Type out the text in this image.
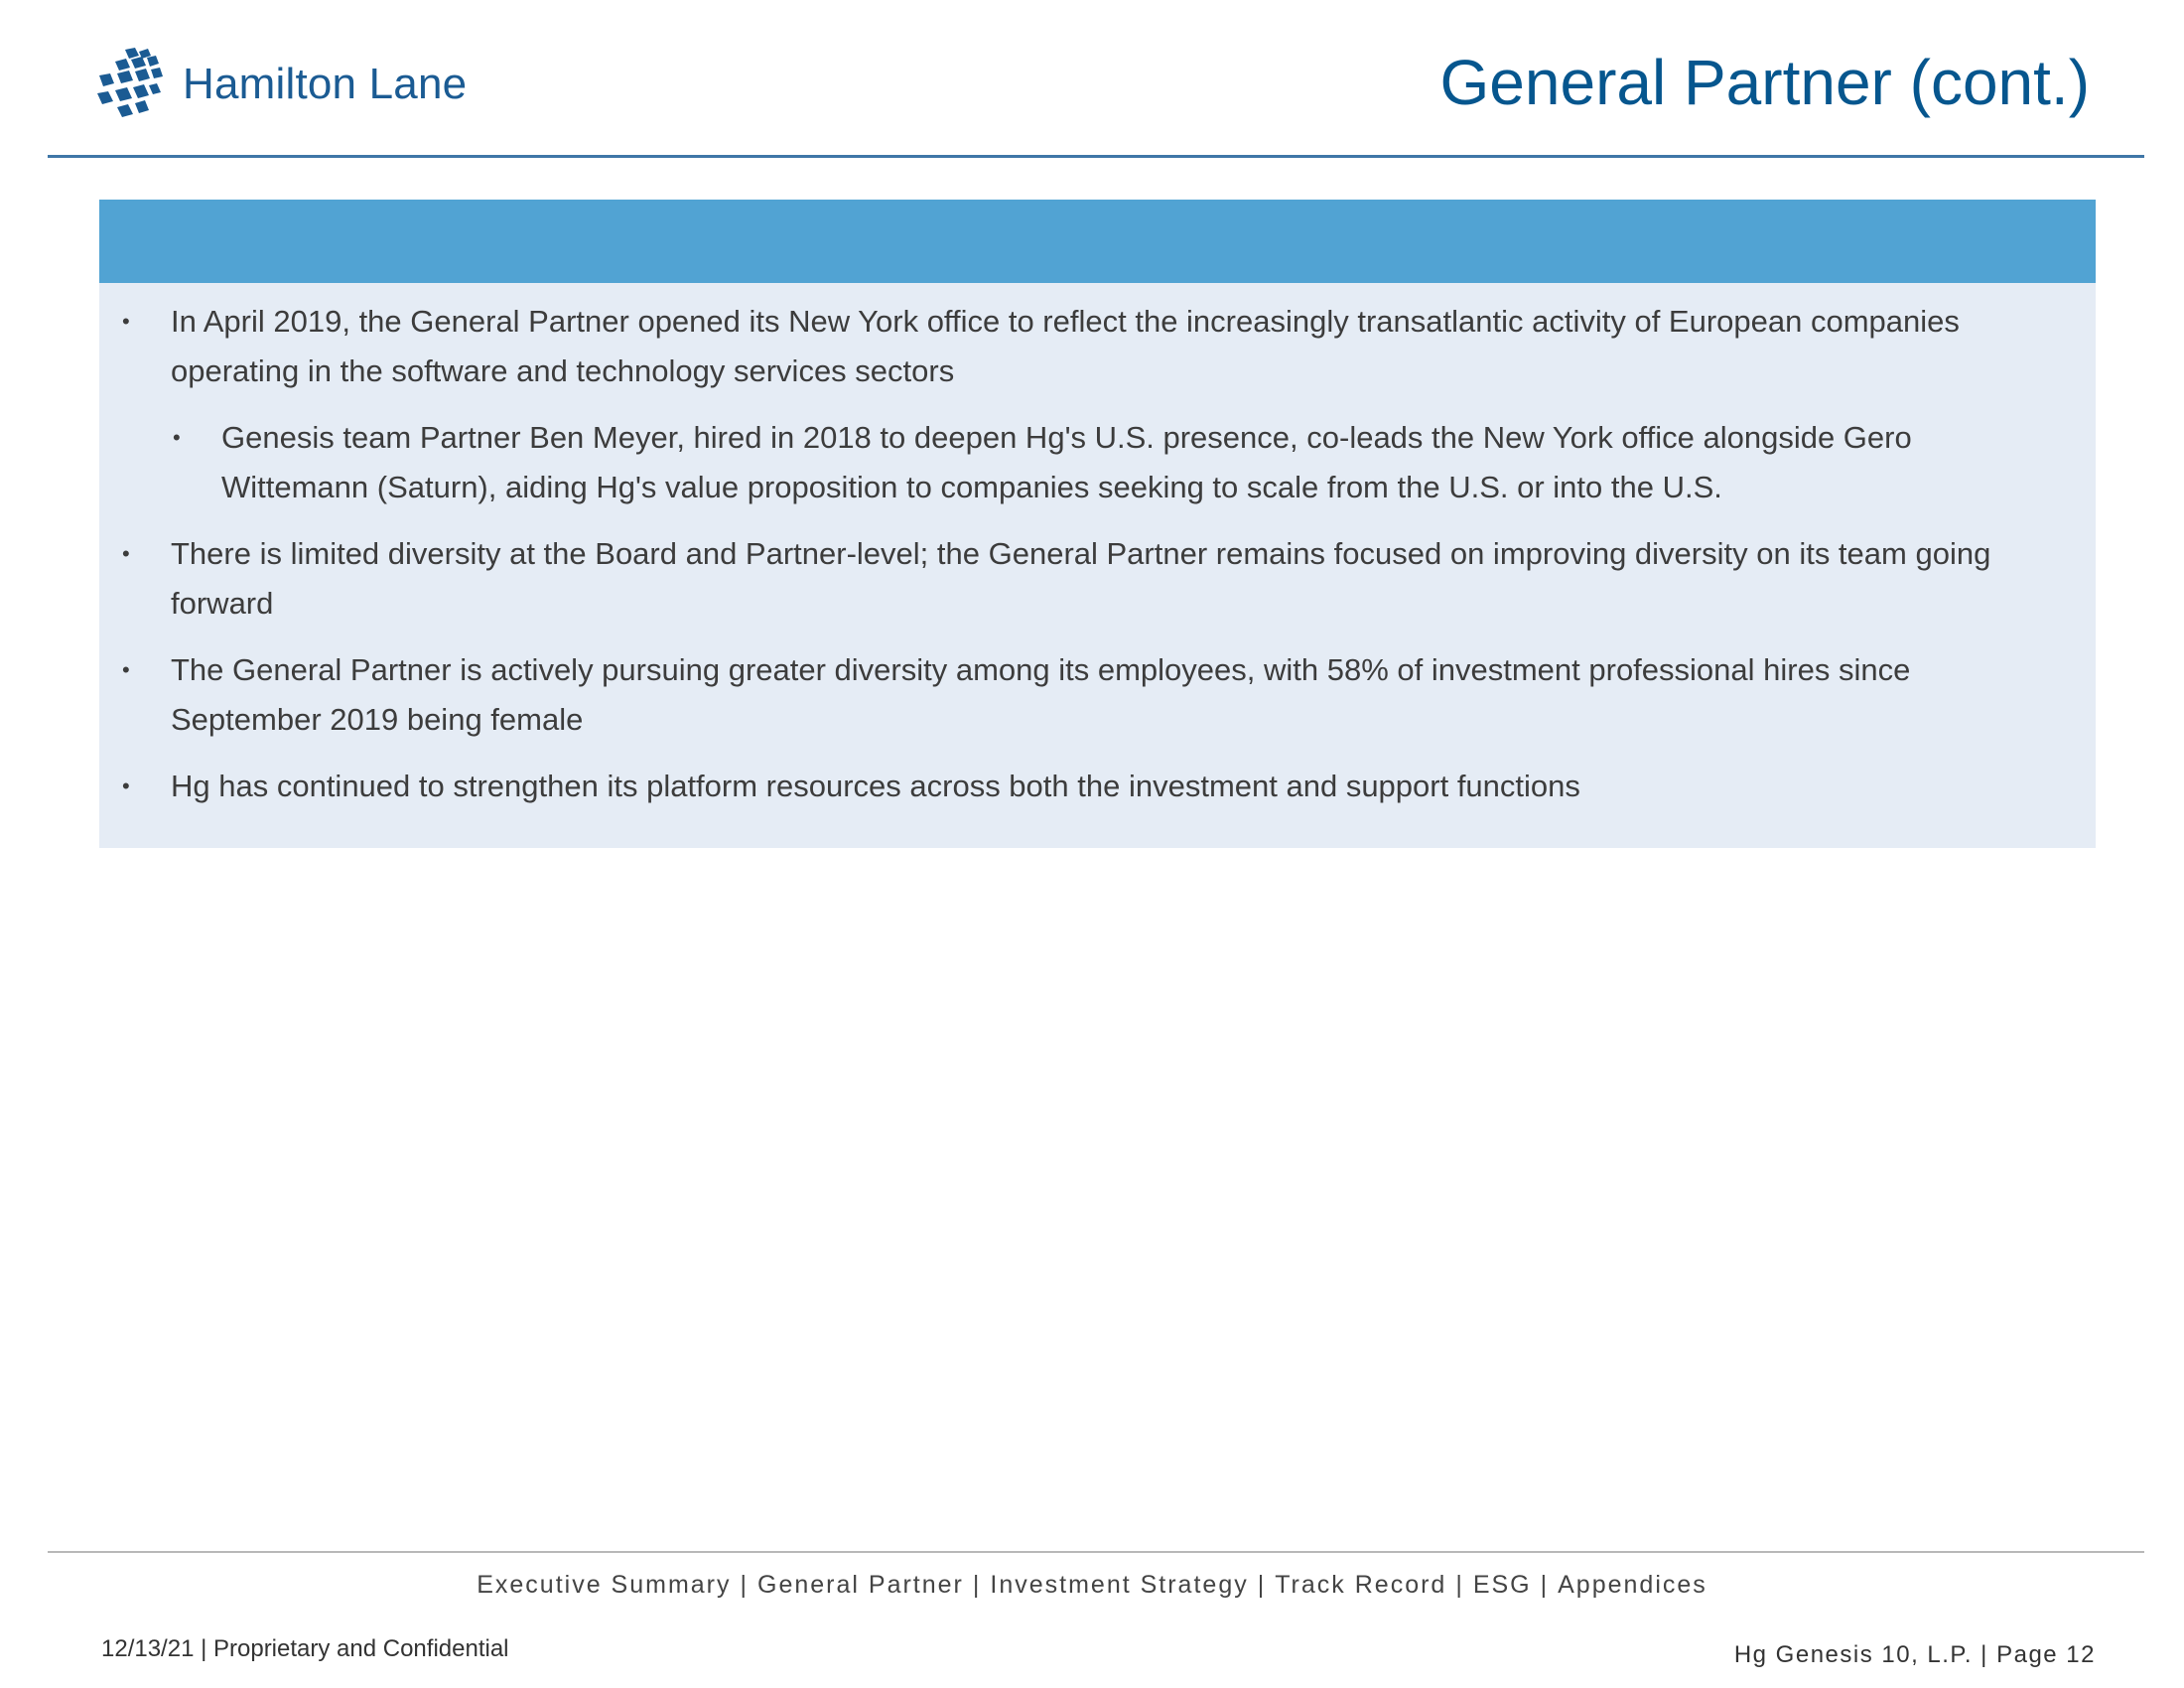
Hamilton Lane	General Partner (cont.)
• In April 2019, the General Partner opened its New York office to reflect the increasingly transatlantic activity of European companies operating in the software and technology services sectors
• Genesis team Partner Ben Meyer, hired in 2018 to deepen Hg's U.S. presence, co-leads the New York office alongside Gero Wittemann (Saturn), aiding Hg's value proposition to companies seeking to scale from the U.S. or into the U.S.
• There is limited diversity at the Board and Partner-level; the General Partner remains focused on improving diversity on its team going forward
• The General Partner is actively pursuing greater diversity among its employees, with 58% of investment professional hires since September 2019 being female
• Hg has continued to strengthen its platform resources across both the investment and support functions
Executive Summary | General Partner | Investment Strategy | Track Record | ESG | Appendices
12/13/21 | Proprietary and Confidential	Hg Genesis 10, L.P. | Page 12
